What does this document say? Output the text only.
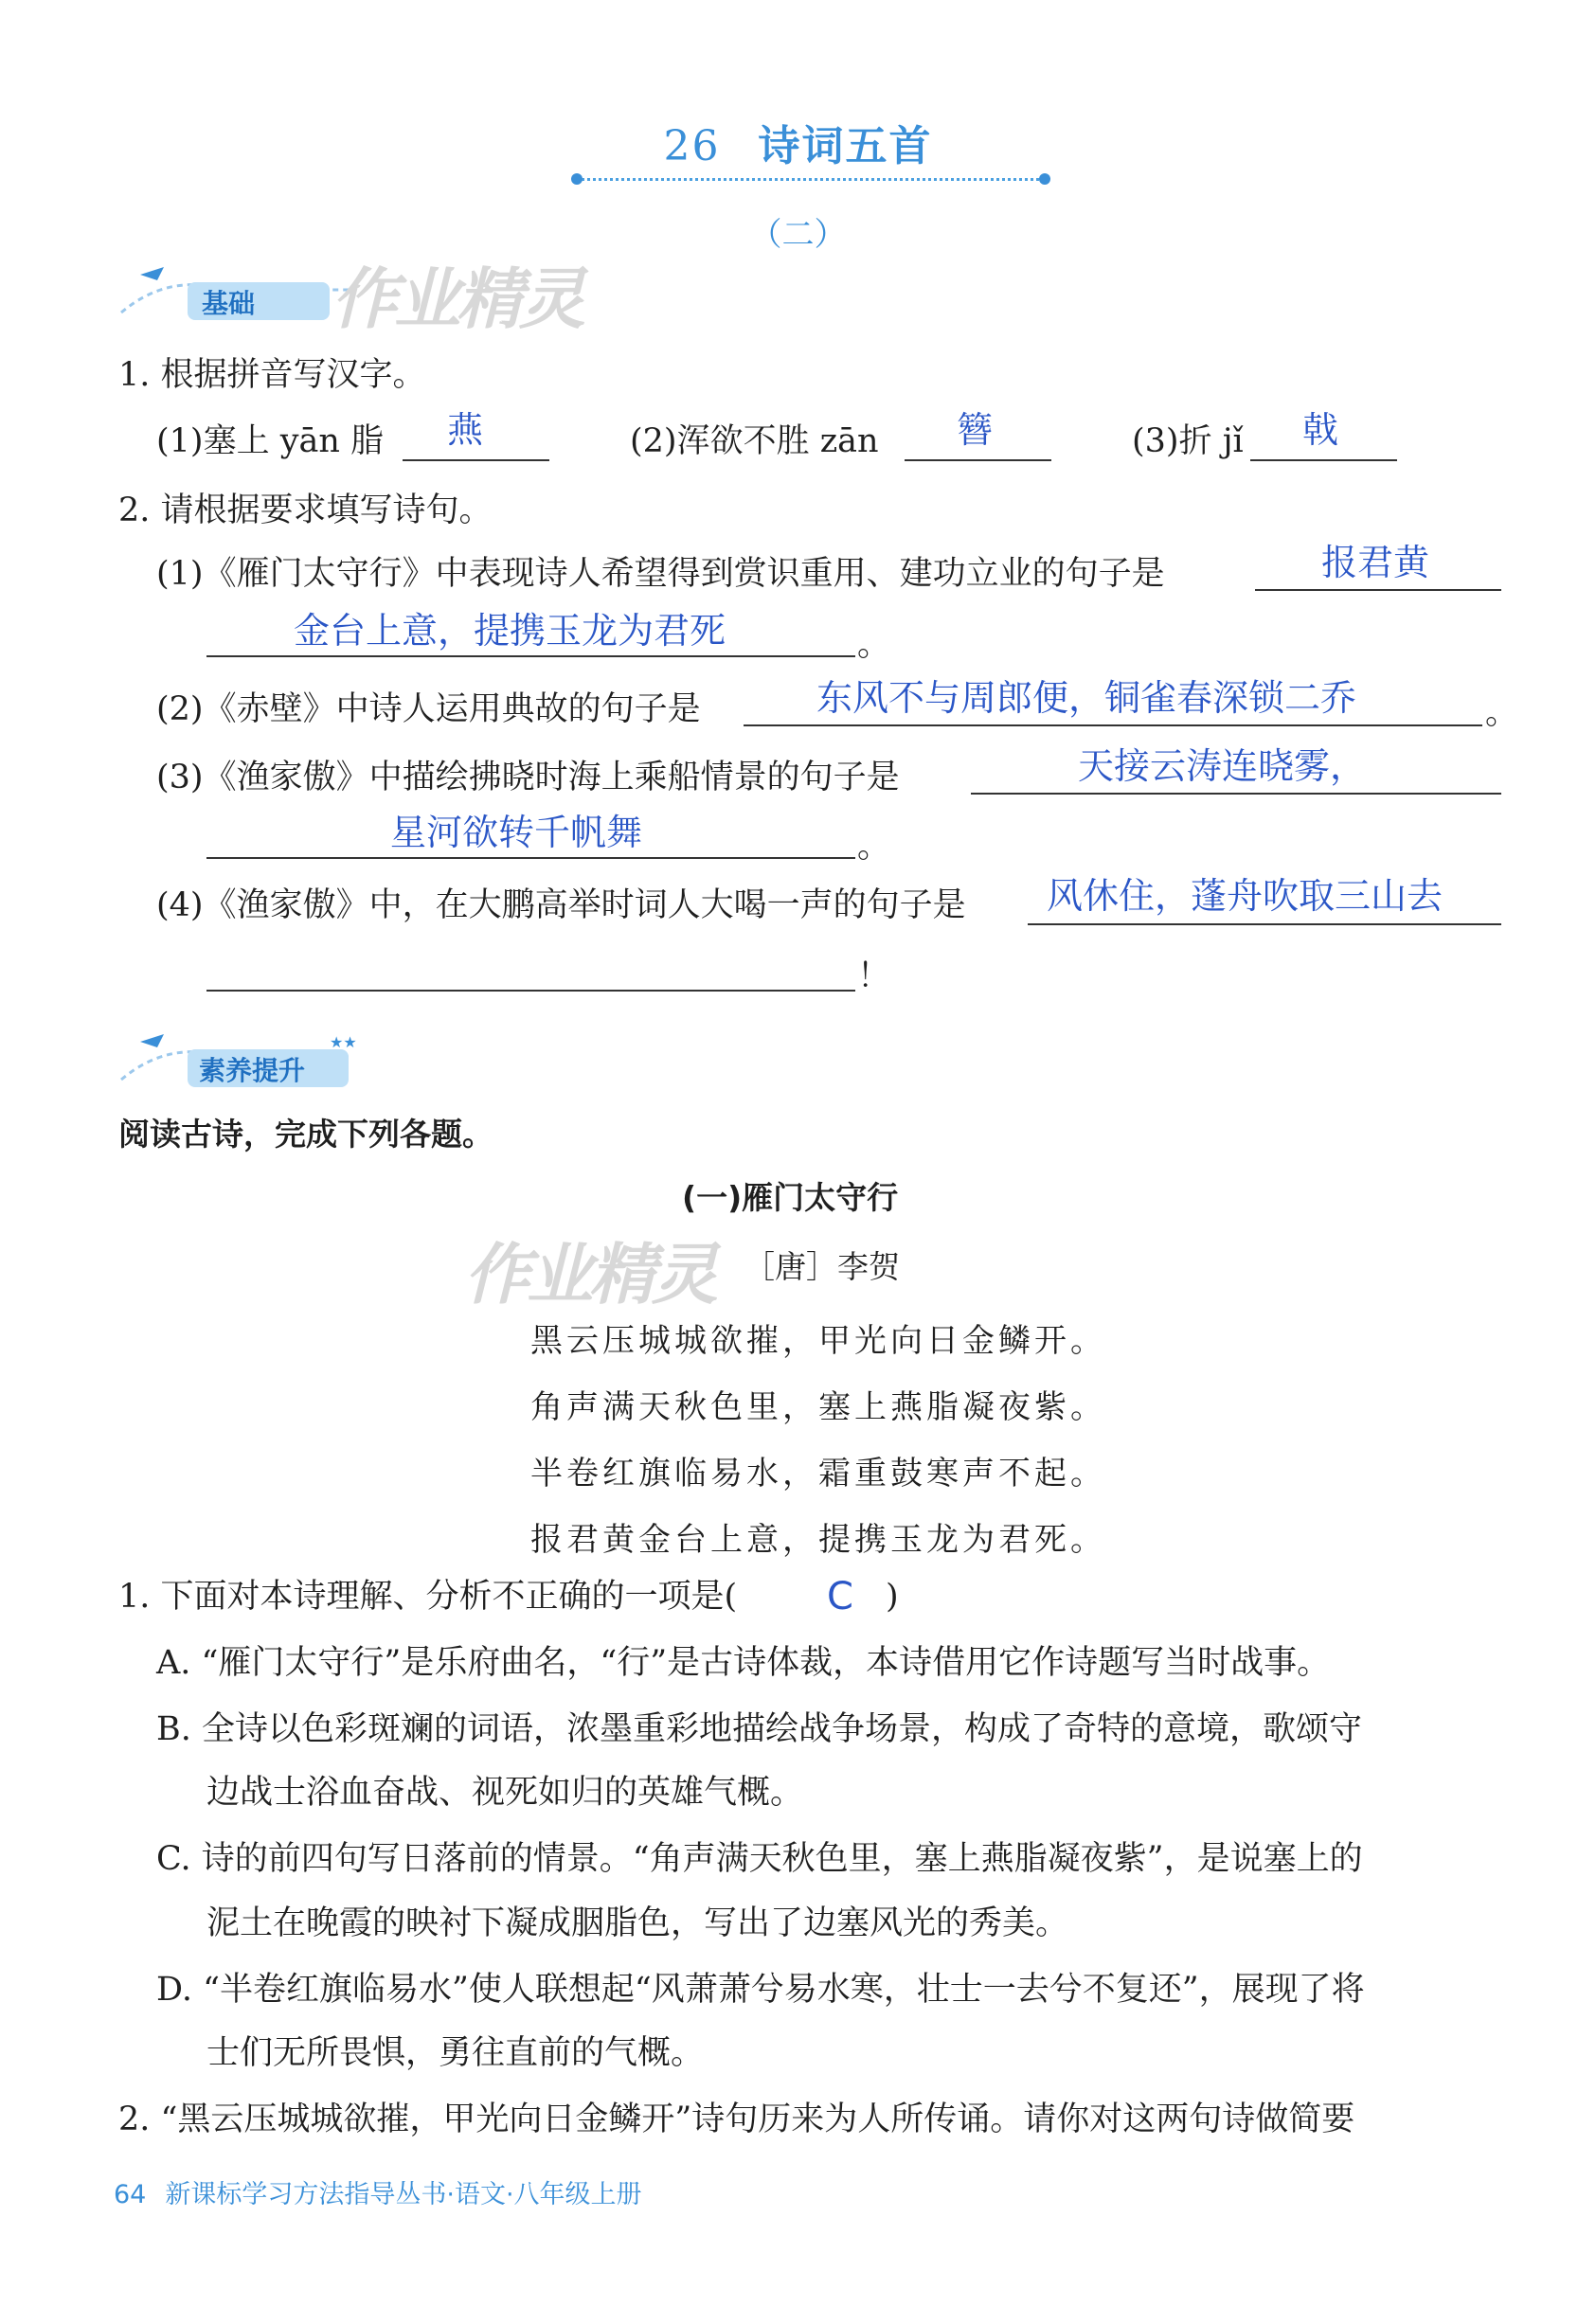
26 诗词五首
（二）
基础 作业精灵
1. 根据拼音写汉字。
(1)塞上 yān 脂 燕	(2)浑欲不胜 zān 簪	(3)折 jǐ 戟
2. 请根据要求填写诗句。
(1)《雁门太守行》中表现诗人希望得到赏识重用、建功立业的句子是	报君黄
金台上意，提携玉龙为君死	。
(2)《赤壁》中诗人运用典故的句子是	东风不与周郎便，铜雀春深锁二乔	。
(3)《渔家傲》中描绘拂晓时海上乘船情景的句子是	天接云涛连晓雾，
星河欲转千帆舞	。
(4)《渔家傲》中，在大鹏高举时词人大喝一声的句子是 风休住，蓬舟吹取三山去
！
素养提升
★★
阅读古诗，完成下列各题。
(一)雁门太守行
作业精灵 ［唐］李贺
黑云压城城欲摧，甲光向日金鳞开。
角声满天秋色里，塞上燕脂凝夜紫。
半卷红旗临易水，霜重鼓寒声不起。
报君黄金台上意，提携玉龙为君死。
1. 下面对本诗理解、分析不正确的一项是( C )
A. “雁门太守行”是乐府曲名，“行”是古诗体裁，本诗借用它作诗题写当时战事。
B. 全诗以色彩斑斓的词语，浓墨重彩地描绘战争场景，构成了奇特的意境，歌颂守
边战士浴血奋战、视死如归的英雄气概。
C. 诗的前四句写日落前的情景。“角声满天秋色里，塞上燕脂凝夜紫”，是说塞上的
泥土在晚霞的映衬下凝成胭脂色，写出了边塞风光的秀美。
D. “半卷红旗临易水”使人联想起“风萧萧兮易水寒，壮士一去兮不复还”，展现了将
士们无所畏惧，勇往直前的气概。
2. “黑云压城城欲摧，甲光向日金鳞开”诗句历来为人所传诵。请你对这两句诗做简要
64 新课标学习方法指导丛书·语文·八年级上册
